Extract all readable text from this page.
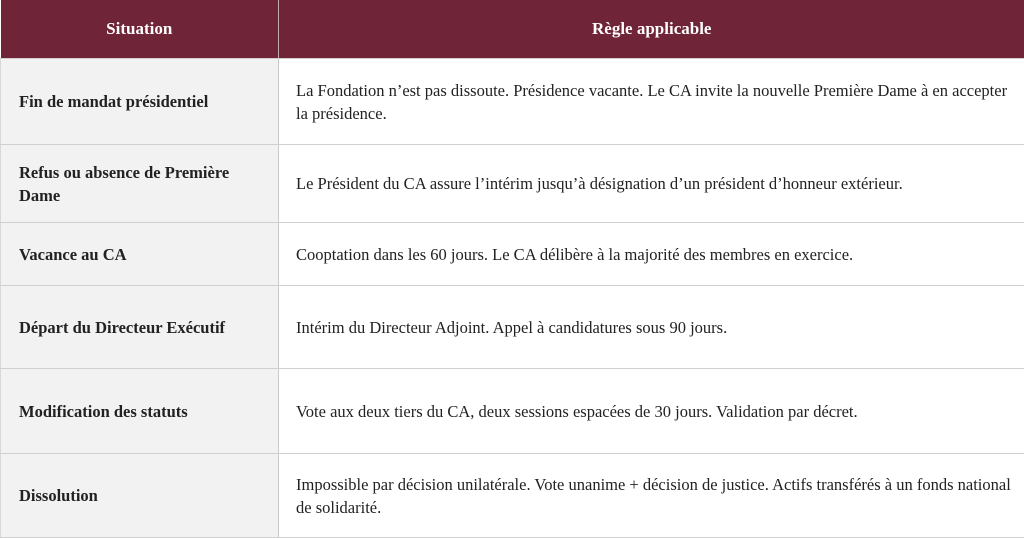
Situation	Règle applicable
Fin de mandat présidentiel	La Fondation n’est pas dissoute. Présidence vacante. Le CA invite la nouvelle Première Dame à en accepter la présidence.
Refus ou absence de Première Dame	Le Président du CA assure l’intérim jusqu’à désignation d’un président d’honneur extérieur.
Vacance au CA	Cooptation dans les 60 jours. Le CA délibère à la majorité des membres en exercice.
Départ du Directeur Exécutif	Intérim du Directeur Adjoint. Appel à candidatures sous 90 jours.
Modification des statuts	Vote aux deux tiers du CA, deux sessions espacées de 30 jours. Validation par décret.
Dissolution	Impossible par décision unilatérale. Vote unanime + décision de justice. Actifs transférés à un fonds national de solidarité.
